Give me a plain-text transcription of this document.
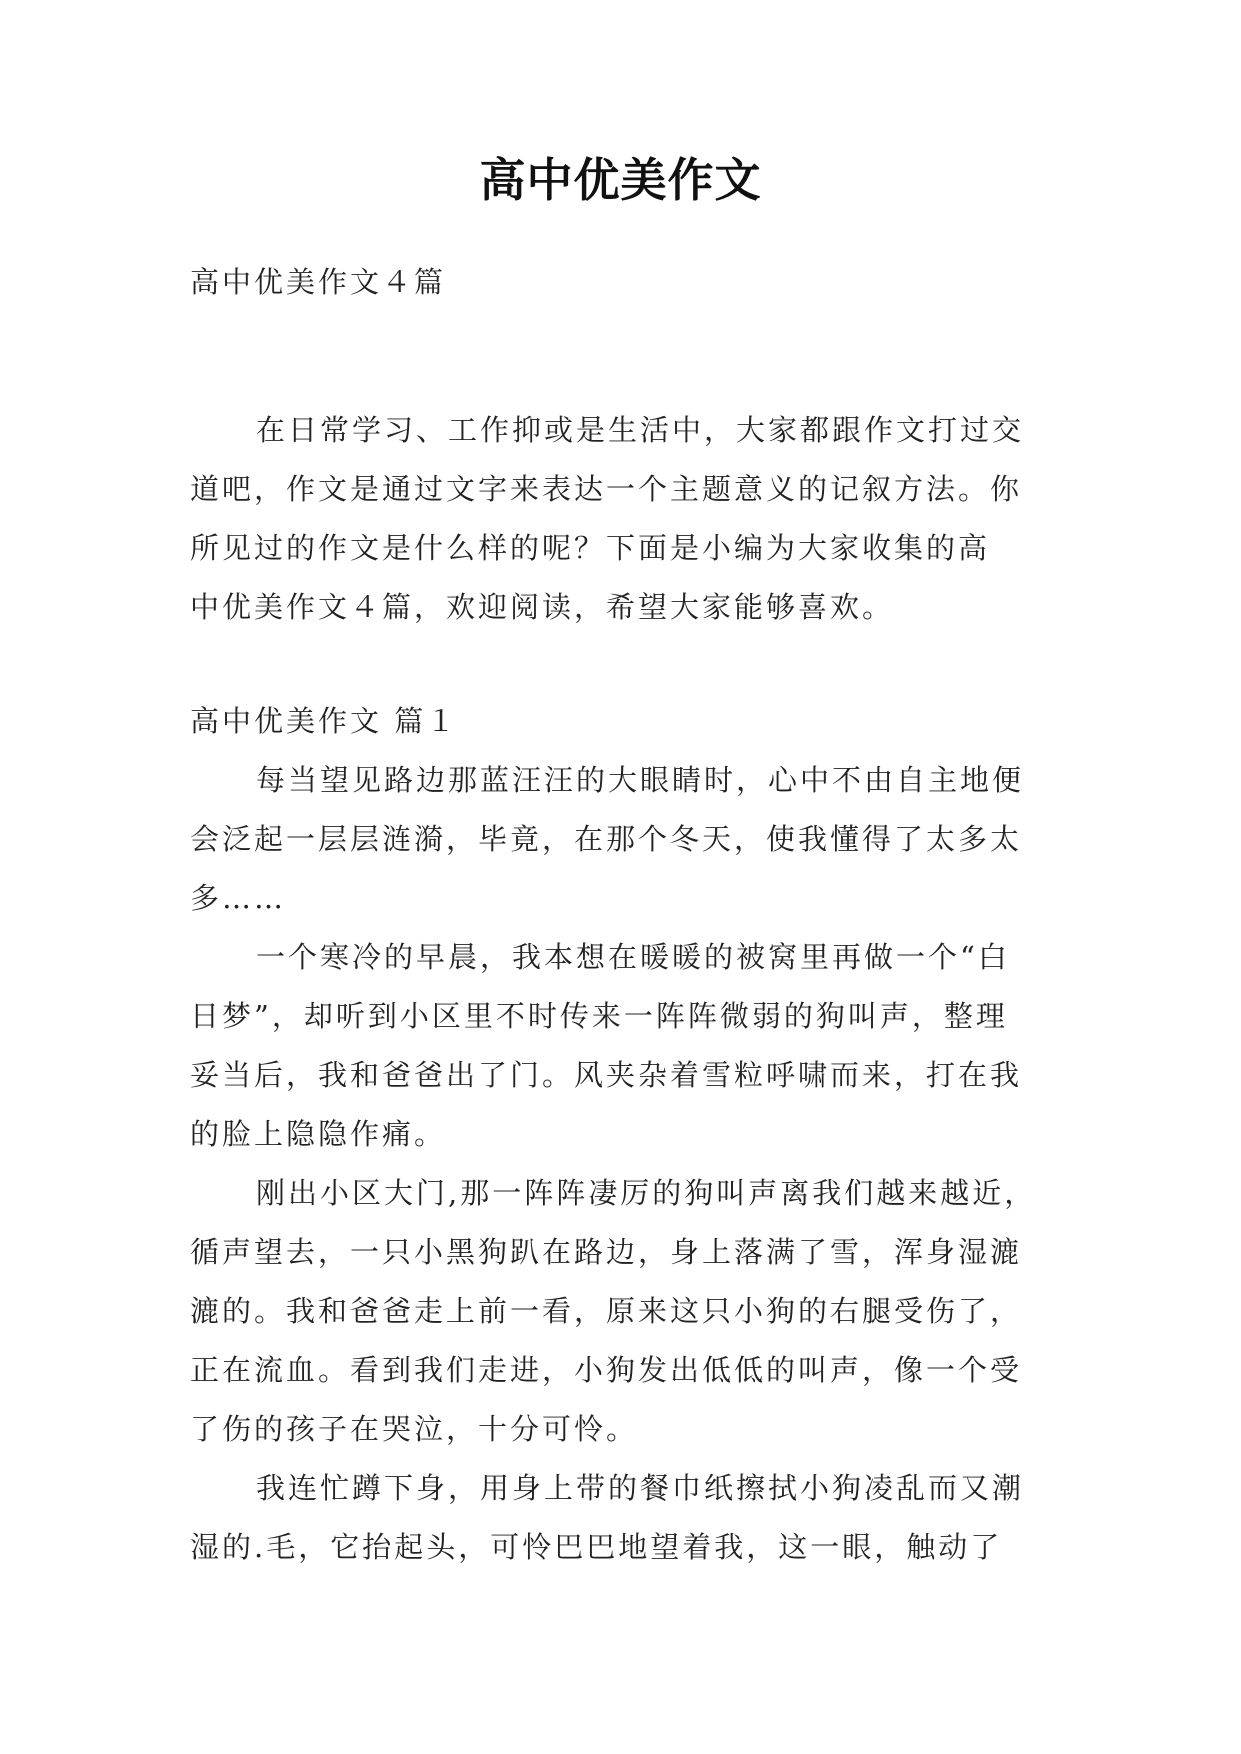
高中优美作文
高中优美作文４篇
在日常学习、工作抑或是生活中，大家都跟作文打过交
道吧，作文是通过文字来表达一个主题意义的记叙方法。你
所见过的作文是什么样的呢？下面是小编为大家收集的高
中优美作文４篇，欢迎阅读，希望大家能够喜欢。
高中优美作文 篇１
每当望见路边那蓝汪汪的大眼睛时，心中不由自主地便
会泛起一层层涟漪，毕竟，在那个冬天，使我懂得了太多太
多……
一个寒冷的早晨，我本想在暖暖的被窝里再做一个“白
日梦”，却听到小区里不时传来一阵阵微弱的狗叫声，整理
妥当后，我和爸爸出了门。风夹杂着雪粒呼啸而来，打在我
的脸上隐隐作痛。
刚出小区大门,那一阵阵凄厉的狗叫声离我们越来越近，
循声望去，一只小黑狗趴在路边，身上落满了雪，浑身湿漉
漉的。我和爸爸走上前一看，原来这只小狗的右腿受伤了，
正在流血。看到我们走进，小狗发出低低的叫声，像一个受
了伤的孩子在哭泣，十分可怜。
我连忙蹲下身，用身上带的餐巾纸擦拭小狗凌乱而又潮
湿的.毛，它抬起头，可怜巴巴地望着我，这一眼，触动了
